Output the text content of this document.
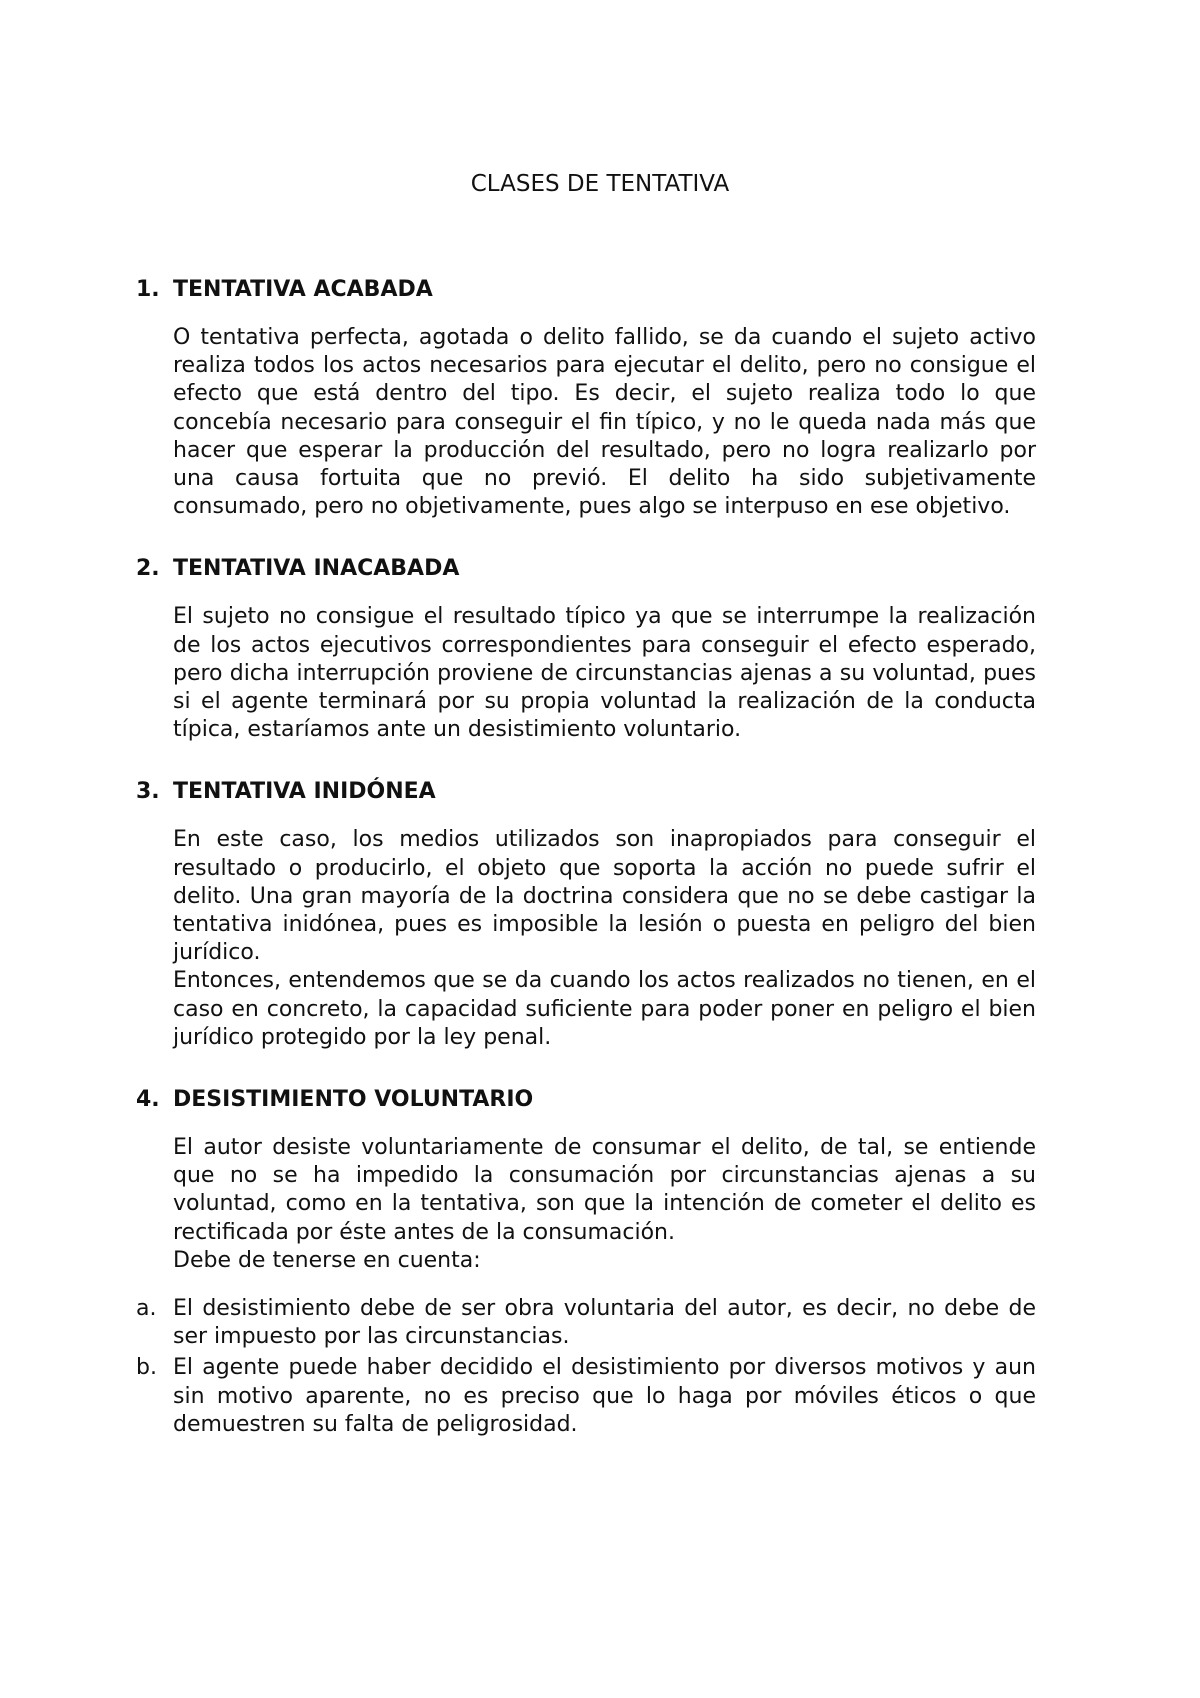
CLASES DE TENTATIVA
1. TENTATIVA ACABADA

O tentativa perfecta, agotada o delito fallido, se da cuando el sujeto activo realiza todos los actos necesarios para ejecutar el delito, pero no consigue el efecto que está dentro del tipo. Es decir, el sujeto realiza todo lo que concebía necesario para conseguir el fin típico, y no le queda nada más que hacer que esperar la producción del resultado, pero no logra realizarlo por una causa fortuita que no previó. El delito ha sido subjetivamente consumado, pero no objetivamente, pues algo se interpuso en ese objetivo.

2. TENTATIVA INACABADA

El sujeto no consigue el resultado típico ya que se interrumpe la realización de los actos ejecutivos correspondientes para conseguir el efecto esperado, pero dicha interrupción proviene de circunstancias ajenas a su voluntad, pues si el agente terminará por su propia voluntad la realización de la conducta típica, estaríamos ante un desistimiento voluntario.

3. TENTATIVA INIDÓNEA

En este caso, los medios utilizados son inapropiados para conseguir el resultado o producirlo, el objeto que soporta la acción no puede sufrir el delito. Una gran mayoría de la doctrina considera que no se debe castigar la tentativa inidónea, pues es imposible la lesión o puesta en peligro del bien jurídico.

Entonces, entendemos que se da cuando los actos realizados no tienen, en el caso en concreto, la capacidad suficiente para poder poner en peligro el bien jurídico protegido por la ley penal.

4. DESISTIMIENTO VOLUNTARIO

El autor desiste voluntariamente de consumar el delito, de tal, se entiende que no se ha impedido la consumación por circunstancias ajenas a su voluntad, como en la tentativa, son que la intención de cometer el delito es rectificada por éste antes de la consumación.

Debe de tenerse en cuenta:

a. El desistimiento debe de ser obra voluntaria del autor, es decir, no debe de ser impuesto por las circunstancias.
b. El agente puede haber decidido el desistimiento por diversos motivos y aun sin motivo aparente, no es preciso que lo haga por móviles éticos o que demuestren su falta de peligrosidad.
